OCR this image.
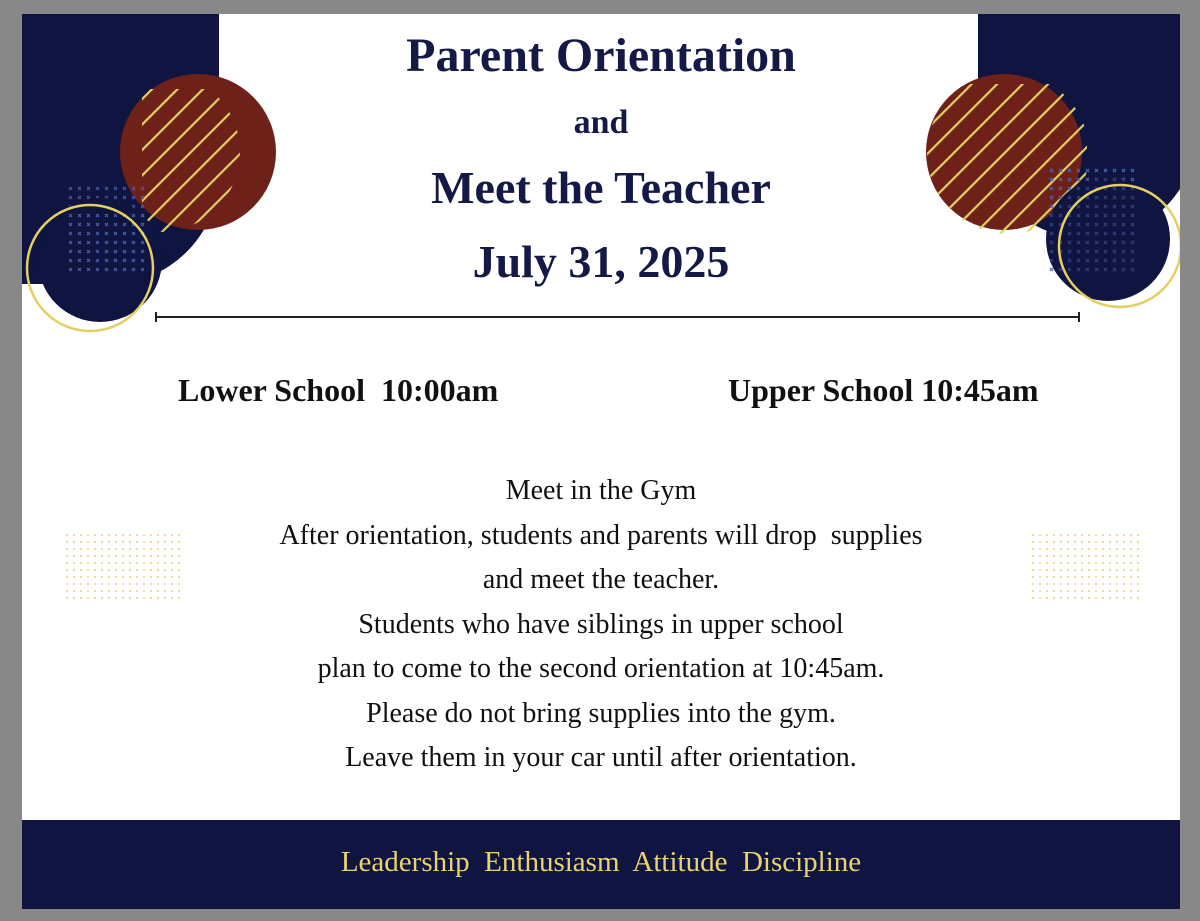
Parent Orientation
and
Meet the Teacher
July 31, 2025
Lower School  10:00am	Upper School 10:45am
Meet in the Gym
After orientation, students and parents will drop  supplies
and meet the teacher.
Students who have siblings in upper school
plan to come to the second orientation at 10:45am.
Please do not bring supplies into the gym.
Leave them in your car until after orientation.
Leadership  Enthusiasm  Attitude  Discipline
